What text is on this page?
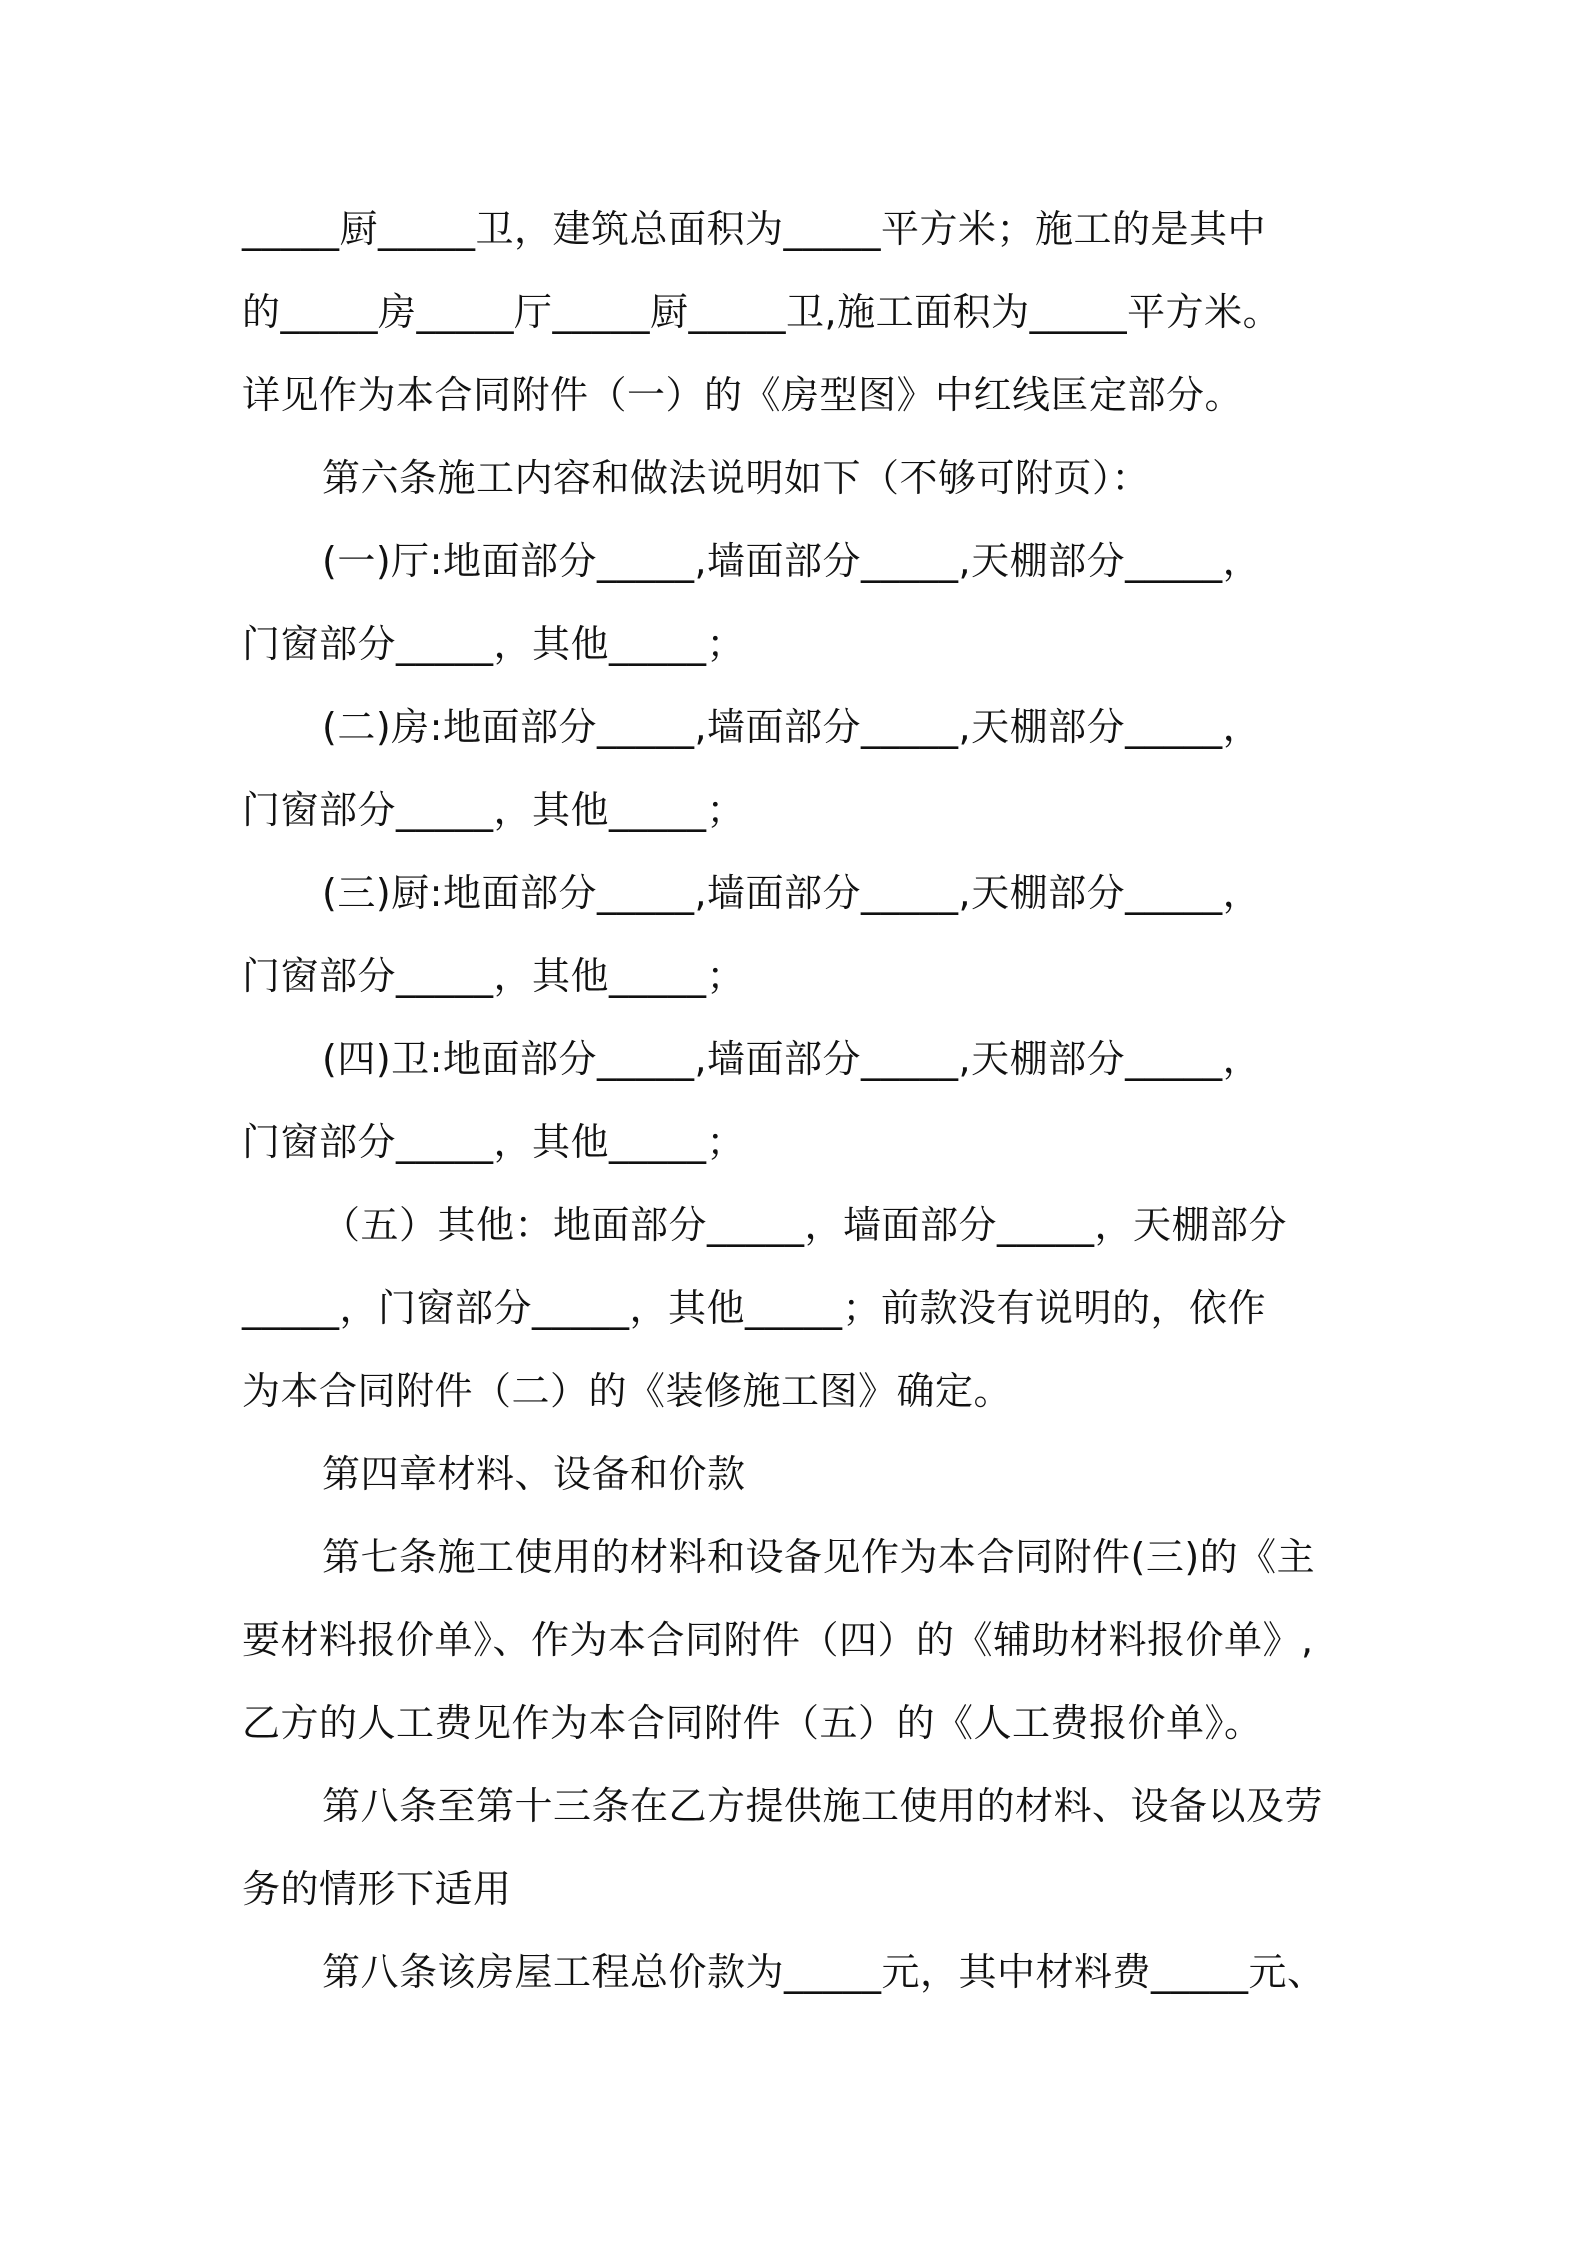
_____厨_____卫，建筑总面积为_____平方米；施工的是其中
的_____房_____厅_____厨_____卫,施工面积为_____平方米。
详见作为本合同附件（一）的《房型图》中红线匡定部分。
第六条施工内容和做法说明如下（不够可附页）：
(一)厅:地面部分_____,墙面部分_____,天棚部分_____，
门窗部分_____，其他_____；
(二)房:地面部分_____,墙面部分_____,天棚部分_____，
门窗部分_____，其他_____；
(三)厨:地面部分_____,墙面部分_____,天棚部分_____，
门窗部分_____，其他_____；
(四)卫:地面部分_____,墙面部分_____,天棚部分_____，
门窗部分_____，其他_____；
（五）其他：地面部分_____，墙面部分_____，天棚部分
_____，门窗部分_____，其他_____；前款没有说明的，依作
为本合同附件（二）的《装修施工图》确定。
第四章材料、设备和价款
第七条施工使用的材料和设备见作为本合同附件(三)的《主
要材料报价单》、作为本合同附件（四）的《辅助材料报价单》,
乙方的人工费见作为本合同附件（五）的《人工费报价单》。
第八条至第十三条在乙方提供施工使用的材料、设备以及劳
务的情形下适用
第八条该房屋工程总价款为_____元，其中材料费_____元、
